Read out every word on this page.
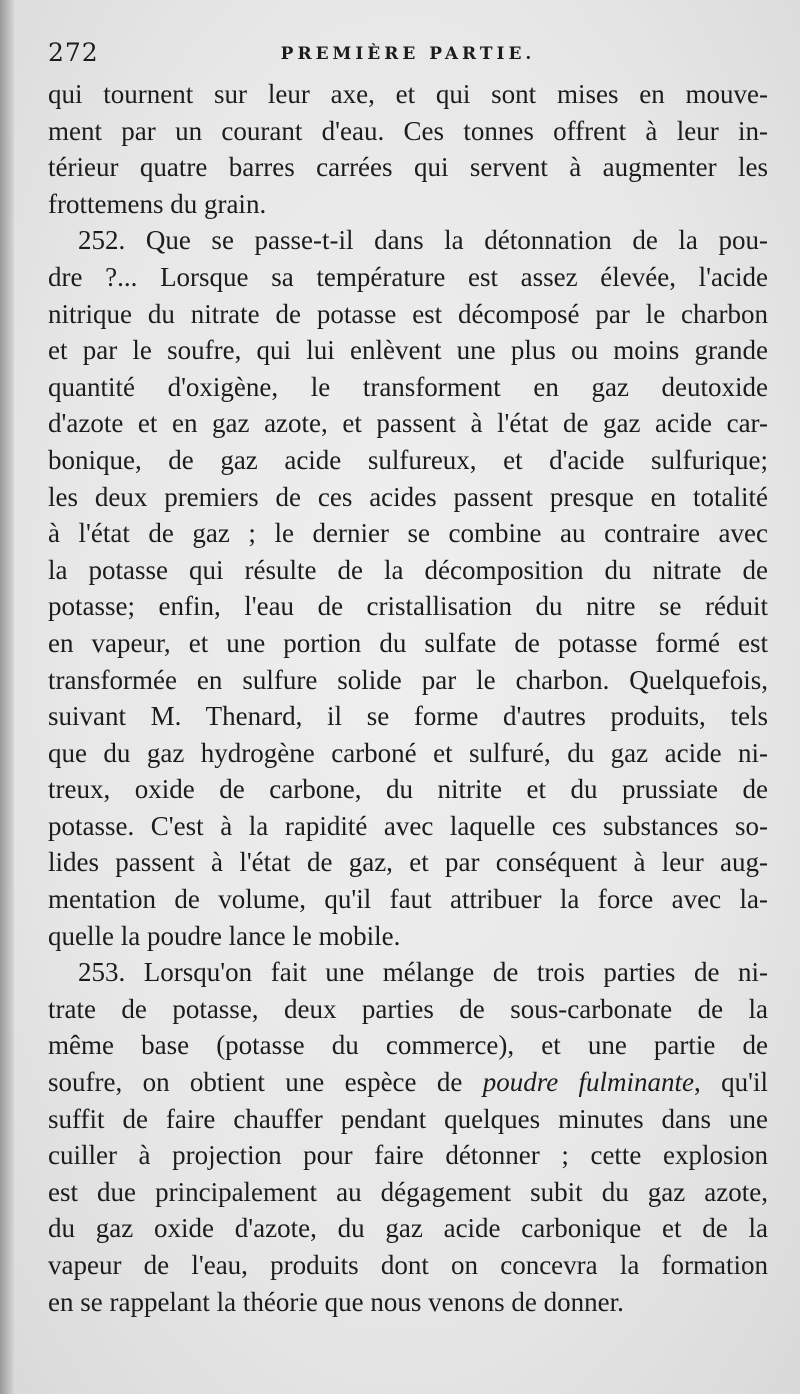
272	PREMIÈRE PARTIE.
qui tournent sur leur axe, et qui sont mises en mouve-
ment par un courant d'eau. Ces tonnes offrent à leur in-
térieur quatre barres carrées qui servent à augmenter les
frottemens du grain.
252. Que se passe-t-il dans la détonnation de la pou-
dre ?... Lorsque sa température est assez élevée, l'acide
nitrique du nitrate de potasse est décomposé par le charbon
et par le soufre, qui lui enlèvent une plus ou moins grande
quantité d'oxigène, le transforment en gaz deutoxide
d'azote et en gaz azote, et passent à l'état de gaz acide car-
bonique, de gaz acide sulfureux, et d'acide sulfurique;
les deux premiers de ces acides passent presque en totalité
à l'état de gaz ; le dernier se combine au contraire avec
la potasse qui résulte de la décomposition du nitrate de
potasse; enfin, l'eau de cristallisation du nitre se réduit
en vapeur, et une portion du sulfate de potasse formé est
transformée en sulfure solide par le charbon. Quelquefois,
suivant M. Thenard, il se forme d'autres produits, tels
que du gaz hydrogène carboné et sulfuré, du gaz acide ni-
treux, oxide de carbone, du nitrite et du prussiate de
potasse. C'est à la rapidité avec laquelle ces substances so-
lides passent à l'état de gaz, et par conséquent à leur aug-
mentation de volume, qu'il faut attribuer la force avec la-
quelle la poudre lance le mobile.
253. Lorsqu'on fait une mélange de trois parties de ni-
trate de potasse, deux parties de sous-carbonate de la
même base (potasse du commerce), et une partie de
soufre, on obtient une espèce de poudre fulminante, qu'il
suffit de faire chauffer pendant quelques minutes dans une
cuiller à projection pour faire détonner ; cette explosion
est due principalement au dégagement subit du gaz azote,
du gaz oxide d'azote, du gaz acide carbonique et de la
vapeur de l'eau, produits dont on concevra la formation
en se rappelant la théorie que nous venons de donner.
